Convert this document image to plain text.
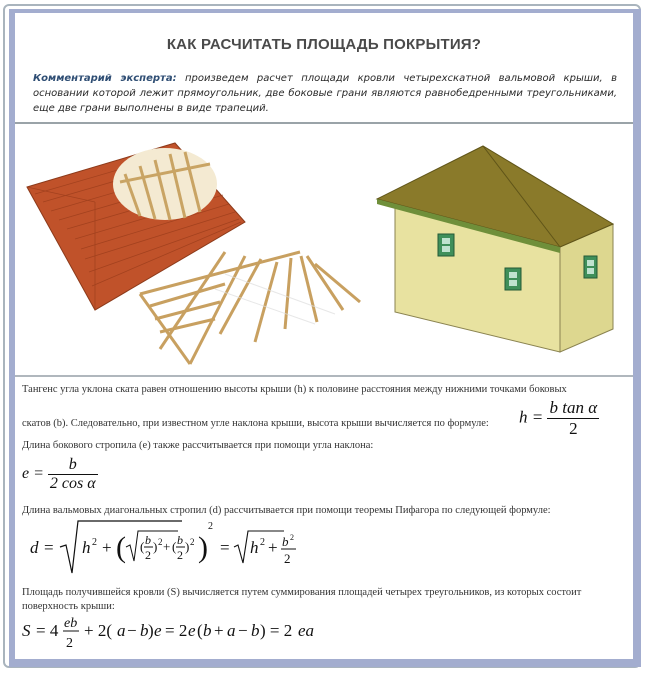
КАК РАСЧИТАТЬ ПЛОЩАДЬ ПОКРЫТИЯ?
Комментарий эксперта: произведем расчет площади кровли четырехскатной вальмовой крыши, в основании которой лежит прямоугольник, две боковые грани являются равнобедренными треугольниками, еще две грани выполнены в виде трапеций.
Тангенс угла уклона ската равен отношению высоты крыши (h) к половине расстояния между нижними точками боковых
скатов (b). Следовательно, при известном угле наклона крыши, высота крыши вычисляется по формуле: $h = \frac{\text{b tan α}}{2}$
Длина бокового стропила (e) также рассчитывается при помощи угла наклона:
$e = \frac{b}{\text{2 cos α}}$
Длина вальмовых диагональных стропил (d) рассчитывается при помощи теоремы Пифагора по следующей формуле:
d = h 2 + ( ( b
2
) 2 + ( b
2
) 2 )
2
= h 2 + b 2
2
Площадь получившейся кровли (S) вычисляется путем суммирования площадей четырех треугольников, из которых состоит
поверхность крыши:
S = 4 eb
2
+ 2( a − b ) e = 2 e ( b + a − b ) = 2 ea
